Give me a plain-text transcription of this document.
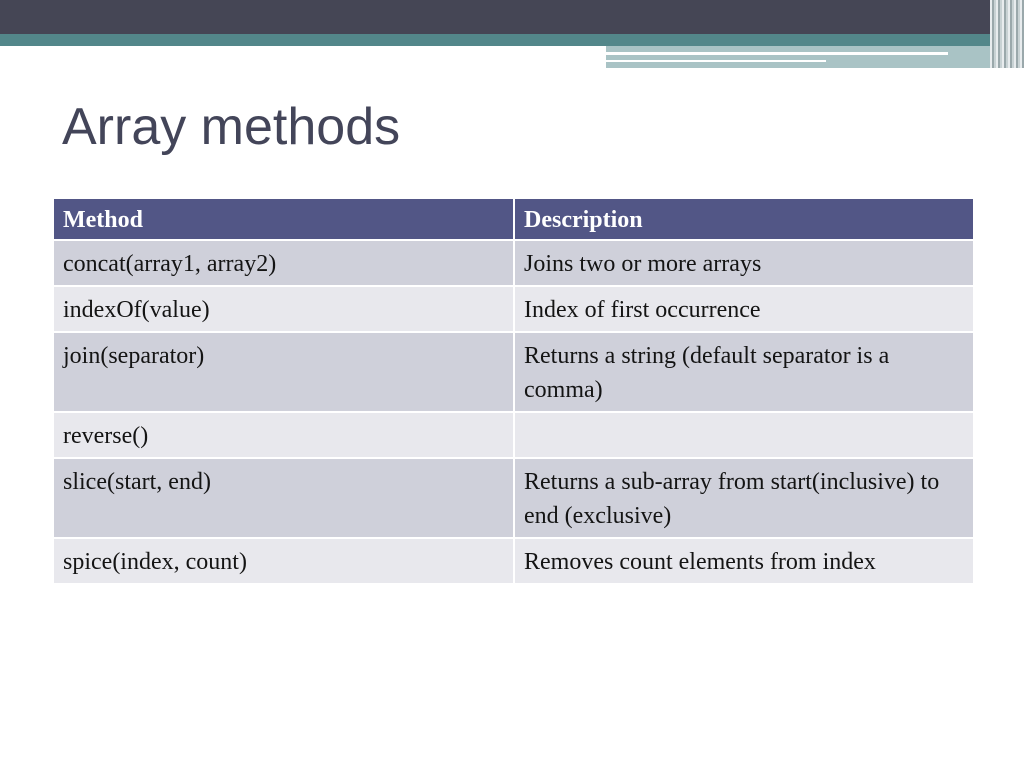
Array methods
Method	Description
concat(array1, array2)	Joins two or more arrays
indexOf(value)	Index of first occurrence
join(separator)	Returns a string (default separator is a comma)
reverse()	
slice(start, end)	Returns a sub-array from start(inclusive) to end (exclusive)
spice(index, count)	Removes count elements from index
